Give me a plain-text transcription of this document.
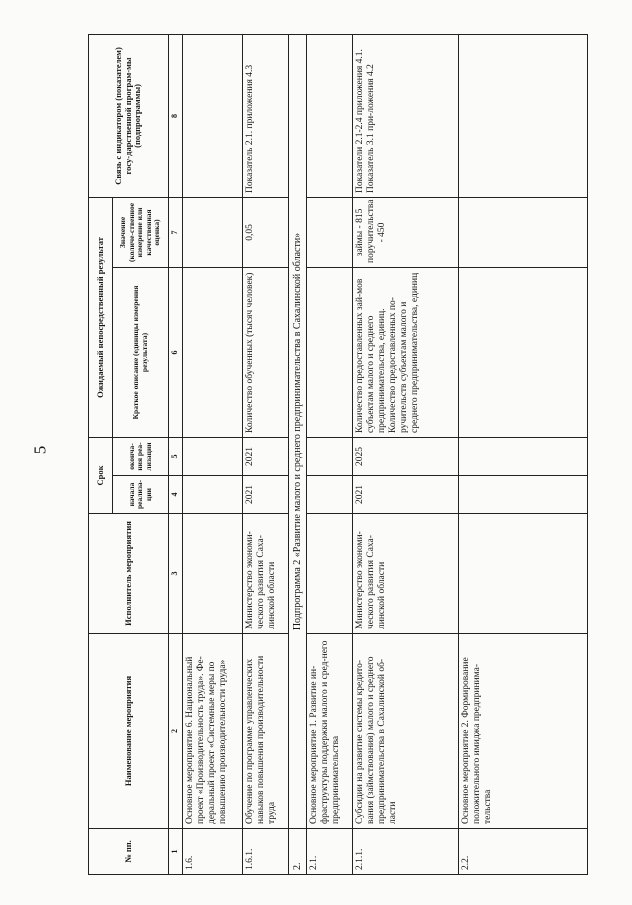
5
№ пп.	Наименование мероприятия	Исполнитель мероприятия	Срок		Ожидаемый непосредственный результат		Связь с индикатором (показателем) госу-дарственной програм-мы (подпрограммы)
			начала реализа-ции	оконча-ния реа-лизации	Краткое описание (единицы измерения результата)	Значение (количе-ственное измерение или качественная оценка)	
1	2	3	4	5	6	7	8
1.6.	Основное мероприятие 6. Национальный проект «Производительность труда». Фе-деральный проект «Системные меры по повышению производительности труда»						
1.6.1.	Обучение по программе управленческих навыков повышения производительности труда	Министерство экономи-ческого развития Саха-линской области	2021	2021	Количество обученных (тысяч человек)	0,05	Показатель 2.1. приложения 4.3
2.	Подпрограмма 2 «Развитие малого и среднего предпринимательства в Сахалинской области»						
2.1.	Основное мероприятие 1. Развитие ин-фраструктуры поддержки малого и сред-него предпринимательства						
2.1.1.	Субсидии на развитие системы кредито-вания (займствования) малого и среднего предпринимательства в Сахалинской об-ласти	Министерство экономи-ческого развития Саха-линской области	2021	2025	Количество предоставленных зай-мов субъектам малого и среднего предпринимательства, единиц. Количество предоставленных по-ручительств субъектам малого и среднего предпринимательства, единиц	займы - 815 поручительства - 450	Показатели 2.1-2.4 приложения 4.1. Показатель 3.1 при-ложения 4.2
2.2.	Основное мероприятие 2. Формирование положительного имиджа предпринима-тельства						
